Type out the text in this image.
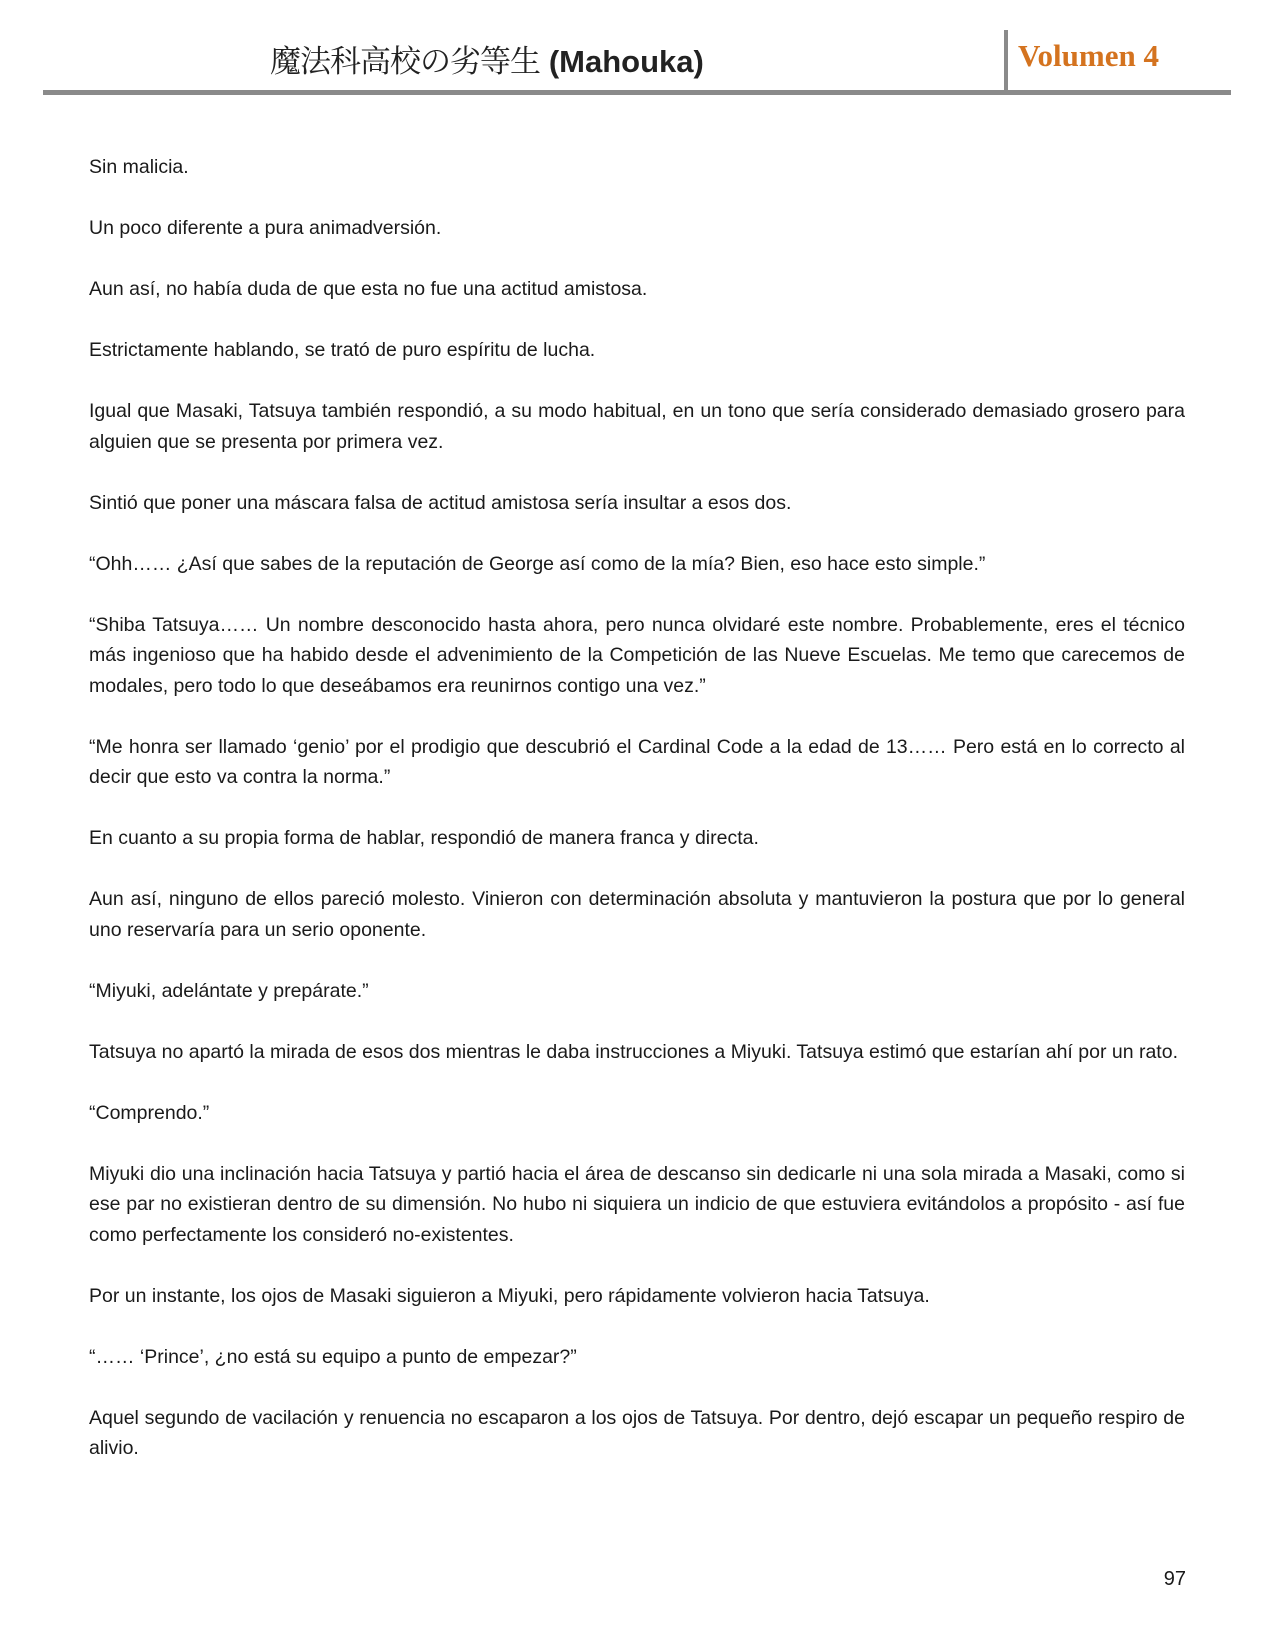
魔法科高校の劣等生 (Mahouka)	Volumen 4

Sin malicia.

Un poco diferente a pura animadversión.

Aun así, no había duda de que esta no fue una actitud amistosa.

Estrictamente hablando, se trató de puro espíritu de lucha.

Igual que Masaki, Tatsuya también respondió, a su modo habitual, en un tono que sería considerado demasiado grosero para alguien que se presenta por primera vez.

Sintió que poner una máscara falsa de actitud amistosa sería insultar a esos dos.

“Ohh…… ¿Así que sabes de la reputación de George así como de la mía? Bien, eso hace esto simple.”

“Shiba Tatsuya…… Un nombre desconocido hasta ahora, pero nunca olvidaré este nombre. Probablemente, eres el técnico más ingenioso que ha habido desde el advenimiento de la Competición de las Nueve Escuelas. Me temo que carecemos de modales, pero todo lo que deseábamos era reunirnos contigo una vez.”

“Me honra ser llamado ‘genio’ por el prodigio que descubrió el Cardinal Code a la edad de 13…… Pero está en lo correcto al decir que esto va contra la norma.”

En cuanto a su propia forma de hablar, respondió de manera franca y directa.

Aun así, ninguno de ellos pareció molesto. Vinieron con determinación absoluta y mantuvieron la postura que por lo general uno reservaría para un serio oponente.

“Miyuki, adelántate y prepárate.”

Tatsuya no apartó la mirada de esos dos mientras le daba instrucciones a Miyuki. Tatsuya estimó que estarían ahí por un rato.

“Comprendo.”

Miyuki dio una inclinación hacia Tatsuya y partió hacia el área de descanso sin dedicarle ni una sola mirada a Masaki, como si ese par no existieran dentro de su dimensión. No hubo ni siquiera un indicio de que estuviera evitándolos a propósito - así fue como perfectamente los consideró no-existentes.

Por un instante, los ojos de Masaki siguieron a Miyuki, pero rápidamente volvieron hacia Tatsuya.

“…… ‘Prince’, ¿no está su equipo a punto de empezar?”

Aquel segundo de vacilación y renuencia no escaparon a los ojos de Tatsuya. Por dentro, dejó escapar un pequeño respiro de alivio.

97
